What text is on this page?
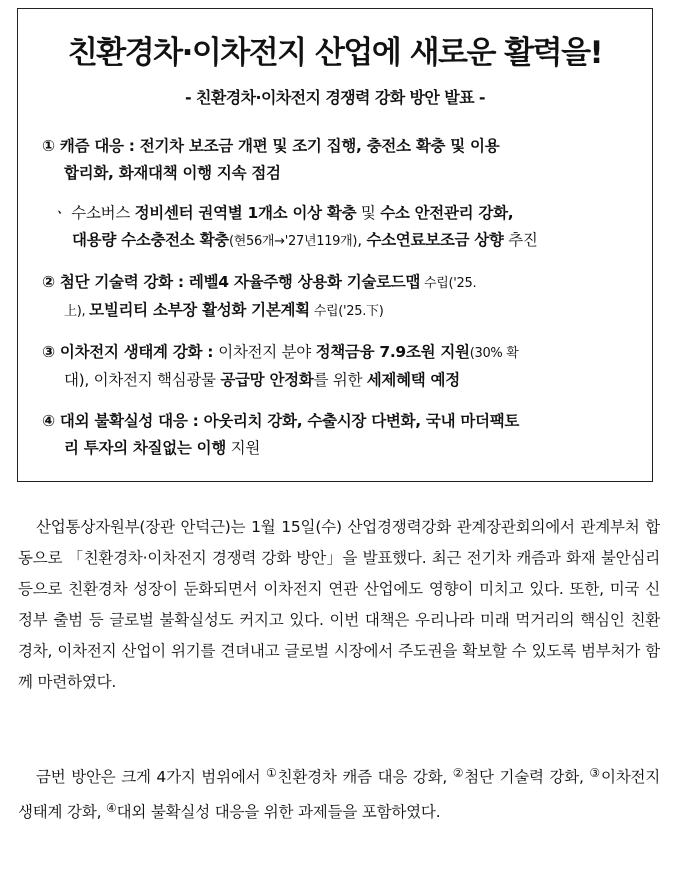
친환경차·이차전지 산업에 새로운 활력을!
- 친환경차·이차전지 경쟁력 강화 방안 발표 -
① 캐즘 대응 : 전기차 보조금 개편 및 조기 집행, 충전소 확충 및 이용
합리화, 화재대책 이행 지속 점검
ㆍ 수소버스 정비센터 권역별 1개소 이상 확충 및 수소 안전관리 강화,
대용량 수소충전소 확충(현56개→'27년119개), 수소연료보조금 상향 추진
② 첨단 기술력 강화 : 레벨4 자율주행 상용화 기술로드맵 수립('25.
上), 모빌리티 소부장 활성화 기본계획 수립('25.下)
③ 이차전지 생태계 강화 : 이차전지 분야 정책금융 7.9조원 지원(30% 확
대), 이차전지 핵심광물 공급망 안정화를 위한 세제혜택 예정
④ 대외 불확실성 대응 : 아웃리치 강화, 수출시장 다변화, 국내 마더팩토
리 투자의 차질없는 이행 지원
산업통상자원부(장관 안덕근)는 1월 15일(수) 산업경쟁력강화 관계장관회의에서 관계부처 합동으로 「친환경차·이차전지 경쟁력 강화 방안」을 발표했다. 최근 전기차 캐즘과 화재 불안심리 등으로 친환경차 성장이 둔화되면서 이차전지 연관 산업에도 영향이 미치고 있다. 또한, 미국 신정부 출범 등 글로벌 불확실성도 커지고 있다. 이번 대책은 우리나라 미래 먹거리의 핵심인 친환경차, 이차전지 산업이 위기를 견뎌내고 글로벌 시장에서 주도권을 확보할 수 있도록 범부처가 함께 마련하였다.
금번 방안은 크게 4가지 범위에서 ①친환경차 캐즘 대응 강화, ②첨단 기술력 강화, ③이차전지 생태계 강화, ④대외 불확실성 대응을 위한 과제들을 포함하였다.
